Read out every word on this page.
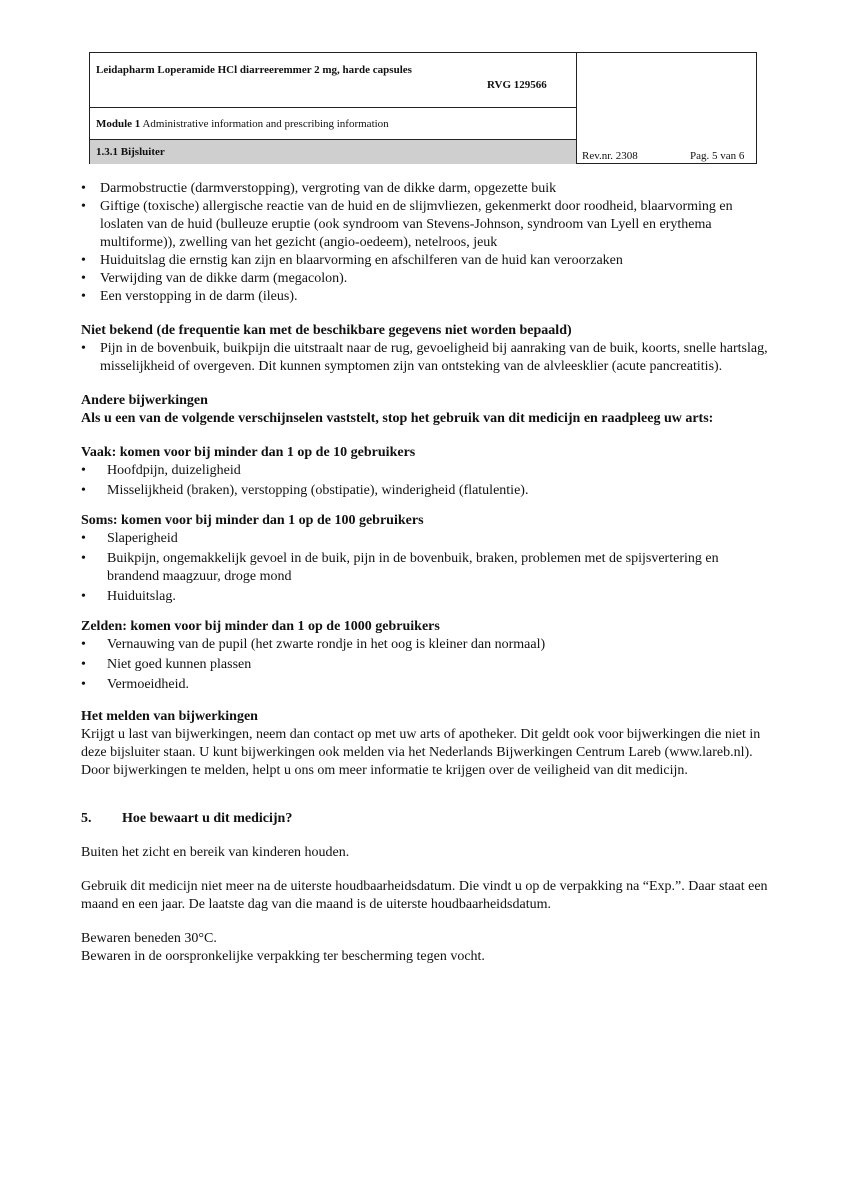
Leidapharm Loperamide HCl diarreeremmer 2 mg, harde capsules
RVG 129566
Module 1 Administrative information and prescribing information
1.3.1 Bijsluiter	Rev.nr. 2308	Pag. 5 van 6
• Darmobstructie (darmverstopping), vergroting van de dikke darm, opgezette buik
• Giftige (toxische) allergische reactie van de huid en de slijmvliezen, gekenmerkt door roodheid, blaarvorming en loslaten van de huid (bulleuze eruptie (ook syndroom van Stevens-Johnson, syndroom van Lyell en erythema multiforme)), zwelling van het gezicht (angio-oedeem), netelroos, jeuk
• Huiduitslag die ernstig kan zijn en blaarvorming en afschilferen van de huid kan veroorzaken
• Verwijding van de dikke darm (megacolon).
• Een verstopping in de darm (ileus).

Niet bekend (de frequentie kan met de beschikbare gegevens niet worden bepaald)

• Pijn in de bovenbuik, buikpijn die uitstraalt naar de rug, gevoeligheid bij aanraking van de buik, koorts, snelle hartslag, misselijkheid of overgeven. Dit kunnen symptomen zijn van ontsteking van de alvleesklier (acute pancreatitis).

Andere bijwerkingen

Als u een van de volgende verschijnselen vaststelt, stop het gebruik van dit medicijn en raadpleeg uw arts:

Vaak: komen voor bij minder dan 1 op de 10 gebruikers

• Hoofdpijn, duizeligheid
• Misselijkheid (braken), verstopping (obstipatie), winderigheid (flatulentie).

Soms: komen voor bij minder dan 1 op de 100 gebruikers

• Slaperigheid
• Buikpijn, ongemakkelijk gevoel in de buik, pijn in de bovenbuik, braken, problemen met de spijsvertering en brandend maagzuur, droge mond
• Huiduitslag.

Zelden: komen voor bij minder dan 1 op de 1000 gebruikers

• Vernauwing van de pupil (het zwarte rondje in het oog is kleiner dan normaal)
• Niet goed kunnen plassen
• Vermoeidheid.

Het melden van bijwerkingen

Krijgt u last van bijwerkingen, neem dan contact op met uw arts of apotheker. Dit geldt ook voor bijwerkingen die niet in deze bijsluiter staan. U kunt bijwerkingen ook melden via het Nederlands Bijwerkingen Centrum Lareb (www.lareb.nl). Door bijwerkingen te melden, helpt u ons om meer informatie te krijgen over de veiligheid van dit medicijn.

5. Hoe bewaart u dit medicijn?

Buiten het zicht en bereik van kinderen houden.

Gebruik dit medicijn niet meer na de uiterste houdbaarheidsdatum. Die vindt u op de verpakking na “Exp.”. Daar staat een maand en een jaar. De laatste dag van die maand is de uiterste houdbaarheidsdatum.

Bewaren beneden 30°C.

Bewaren in de oorspronkelijke verpakking ter bescherming tegen vocht.
